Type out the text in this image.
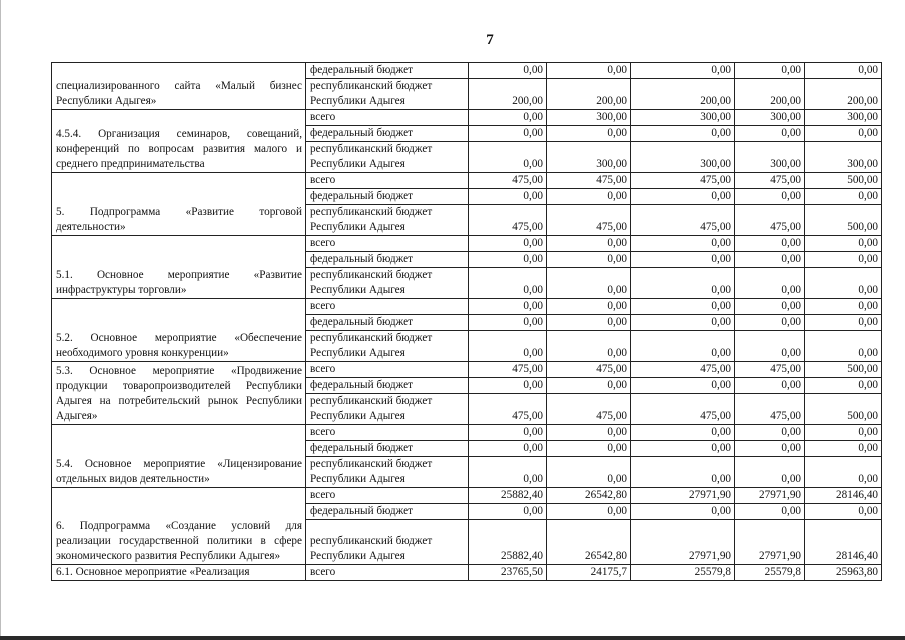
7
специализированного сайта «Малый бизнес Республики Адыгея»	федеральный бюджет	0,00	0,00	0,00	0,00	0,00
	республиканский бюджет Республики Адыгея	200,00	200,00	200,00	200,00	200,00
4.5.4. Организация семинаров, совещаний, конференций по вопросам развития малого и среднего предпринимательства	всего	0,00	300,00	300,00	300,00	300,00
	федеральный бюджет	0,00	0,00	0,00	0,00	0,00
	республиканский бюджет Республики Адыгея	0,00	300,00	300,00	300,00	300,00
5. Подпрограмма «Развитие торговой деятельности»	всего	475,00	475,00	475,00	475,00	500,00
	федеральный бюджет	0,00	0,00	0,00	0,00	0,00
	республиканский бюджет Республики Адыгея	475,00	475,00	475,00	475,00	500,00
5.1. Основное мероприятие «Развитие инфраструктуры торговли»	всего	0,00	0,00	0,00	0,00	0,00
	федеральный бюджет	0,00	0,00	0,00	0,00	0,00
	республиканский бюджет Республики Адыгея	0,00	0,00	0,00	0,00	0,00
5.2. Основное мероприятие «Обеспечение необходимого уровня конкуренции»	всего	0,00	0,00	0,00	0,00	0,00
	федеральный бюджет	0,00	0,00	0,00	0,00	0,00
	республиканский бюджет Республики Адыгея	0,00	0,00	0,00	0,00	0,00
5.3. Основное мероприятие «Продвижение продукции товаропроизводителей Республики Адыгея на потребительский рынок Республики Адыгея»	всего	475,00	475,00	475,00	475,00	500,00
	федеральный бюджет	0,00	0,00	0,00	0,00	0,00
	республиканский бюджет Республики Адыгея	475,00	475,00	475,00	475,00	500,00
5.4. Основное мероприятие «Лицензирование отдельных видов деятельности»	всего	0,00	0,00	0,00	0,00	0,00
	федеральный бюджет	0,00	0,00	0,00	0,00	0,00
	республиканский бюджет Республики Адыгея	0,00	0,00	0,00	0,00	0,00
6. Подпрограмма «Создание условий для реализации государственной политики в сфере экономического развития Республики Адыгея»	всего	25882,40	26542,80	27971,90	27971,90	28146,40
	федеральный бюджет	0,00	0,00	0,00	0,00	0,00
	республиканский бюджет Республики Адыгея	25882,40	26542,80	27971,90	27971,90	28146,40
6.1. Основное мероприятие «Реализация	всего	23765,50	24175,7	25579,8	25579,8	25963,80
